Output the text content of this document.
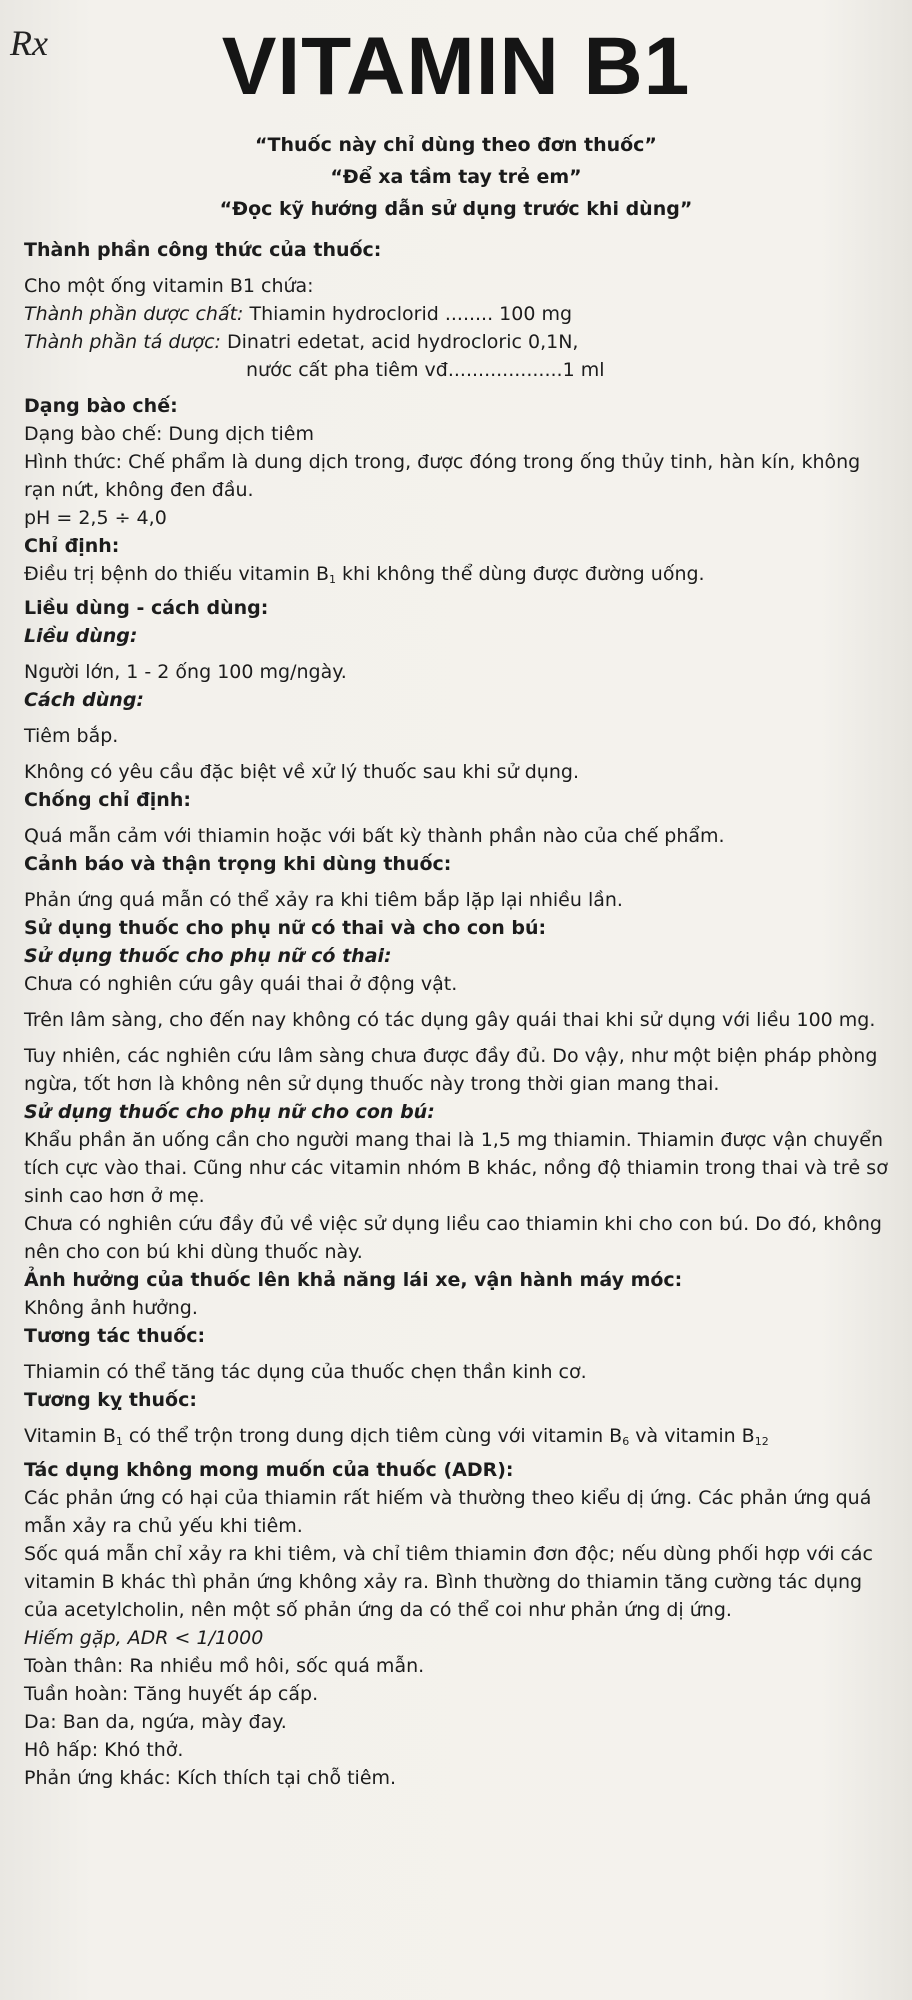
Rx	VITAMIN B1
“Thuốc này chỉ dùng theo đơn thuốc”
“Để xa tầm tay trẻ em”
“Đọc kỹ hướng dẫn sử dụng trước khi dùng”

Thành phần công thức của thuốc:

Cho một ống vitamin B1 chứa:

Thành phần dược chất: Thiamin hydroclorid ........ 100 mg

Thành phần tá dược: Dinatri edetat, acid hydrocloric 0,1N,

nước cất pha tiêm vđ...................1 ml

Dạng bào chế:

Dạng bào chế: Dung dịch tiêm

Hình thức: Chế phẩm là dung dịch trong, được đóng trong ống thủy tinh, hàn kín, không rạn nứt, không đen đầu.

pH = 2,5 ÷ 4,0

Chỉ định:

Điều trị bệnh do thiếu vitamin $B_1$ khi không thể dùng được đường uống.

Liều dùng - cách dùng:

Liều dùng:

Người lớn, 1 - 2 ống 100 mg/ngày.

Cách dùng:

Tiêm bắp.

Không có yêu cầu đặc biệt về xử lý thuốc sau khi sử dụng.

Chống chỉ định:

Quá mẫn cảm với thiamin hoặc với bất kỳ thành phần nào của chế phẩm.

Cảnh báo và thận trọng khi dùng thuốc:

Phản ứng quá mẫn có thể xảy ra khi tiêm bắp lặp lại nhiều lần.

Sử dụng thuốc cho phụ nữ có thai và cho con bú:

Sử dụng thuốc cho phụ nữ có thai:

Chưa có nghiên cứu gây quái thai ở động vật.

Trên lâm sàng, cho đến nay không có tác dụng gây quái thai khi sử dụng với liều 100 mg.

Tuy nhiên, các nghiên cứu lâm sàng chưa được đầy đủ. Do vậy, như một biện pháp phòng ngừa, tốt hơn là không nên sử dụng thuốc này trong thời gian mang thai.

Sử dụng thuốc cho phụ nữ cho con bú:

Khẩu phần ăn uống cần cho người mang thai là 1,5 mg thiamin. Thiamin được vận chuyển tích cực vào thai. Cũng như các vitamin nhóm B khác, nồng độ thiamin trong thai và trẻ sơ sinh cao hơn ở mẹ.

Chưa có nghiên cứu đầy đủ về việc sử dụng liều cao thiamin khi cho con bú. Do đó, không nên cho con bú khi dùng thuốc này.

Ảnh hưởng của thuốc lên khả năng lái xe, vận hành máy móc:

Không ảnh hưởng.

Tương tác thuốc:

Thiamin có thể tăng tác dụng của thuốc chẹn thần kinh cơ.

Tương kỵ thuốc:

Vitamin $B_1$ có thể trộn trong dung dịch tiêm cùng với vitamin $B_6$ và vitamin $B_{12}$

Tác dụng không mong muốn của thuốc (ADR):

Các phản ứng có hại của thiamin rất hiếm và thường theo kiểu dị ứng. Các phản ứng quá mẫn xảy ra chủ yếu khi tiêm.

Sốc quá mẫn chỉ xảy ra khi tiêm, và chỉ tiêm thiamin đơn độc; nếu dùng phối hợp với các vitamin B khác thì phản ứng không xảy ra. Bình thường do thiamin tăng cường tác dụng của acetylcholin, nên một số phản ứng da có thể coi như phản ứng dị ứng.

Hiếm gặp, ADR < 1/1000

Toàn thân: Ra nhiều mồ hôi, sốc quá mẫn.

Tuần hoàn: Tăng huyết áp cấp.

Da: Ban da, ngứa, mày đay.

Hô hấp: Khó thở.

Phản ứng khác: Kích thích tại chỗ tiêm.
